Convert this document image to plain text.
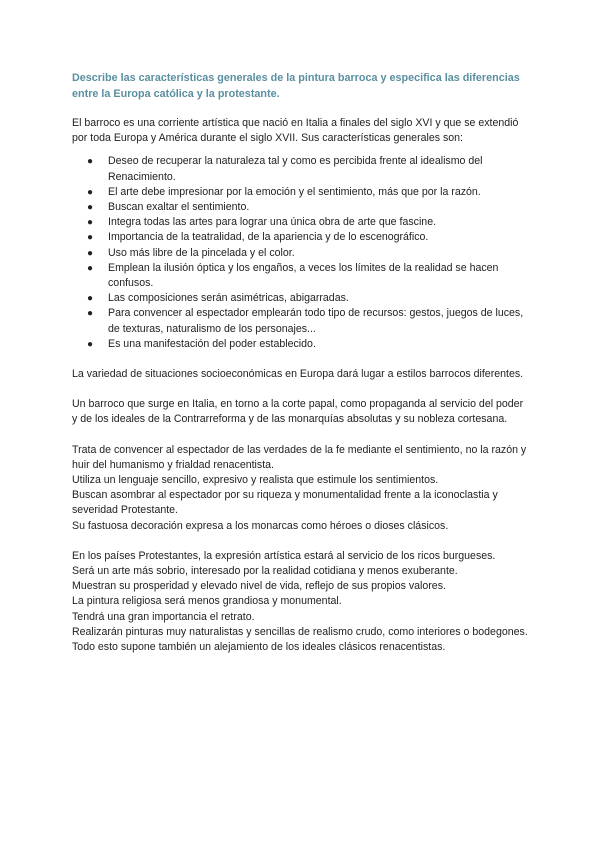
Describe las características generales de la pintura barroca y especifica las diferencias entre la Europa católica y la protestante.

El barroco es una corriente artística que nació en Italia a finales del siglo XVI y que se extendió por toda Europa y América durante el siglo XVII. Sus características generales son:

● Deseo de recuperar la naturaleza tal y como es percibida frente al idealismo del Renacimiento.
● El arte debe impresionar por la emoción y el sentimiento, más que por la razón.
● Buscan exaltar el sentimiento.
● Integra todas las artes para lograr una única obra de arte que fascine.
● Importancia de la teatralidad, de la apariencia y de lo escenográfico.
● Uso más libre de la pincelada y el color.
● Emplean la ilusión óptica y los engaños, a veces los límites de la realidad se hacen confusos.
● Las composiciones serán asimétricas, abigarradas.
● Para convencer al espectador emplearán todo tipo de recursos: gestos, juegos de luces, de texturas, naturalismo de los personajes...
● Es una manifestación del poder establecido.

La variedad de situaciones socioeconómicas en Europa dará lugar a estilos barrocos diferentes.

Un barroco que surge en Italia, en torno a la corte papal, como propaganda al servicio del poder y de los ideales de la Contrarreforma y de las monarquías absolutas y su nobleza cortesana.

Trata de convencer al espectador de las verdades de la fe mediante el sentimiento, no la razón y huir del humanismo y frialdad renacentista.

Utiliza un lenguaje sencillo, expresivo y realista que estimule los sentimientos.

Buscan asombrar al espectador por su riqueza y monumentalidad frente a la iconoclastia y severidad Protestante.

Su fastuosa decoración expresa a los monarcas como héroes o dioses clásicos.

En los países Protestantes, la expresión artística estará al servicio de los ricos burgueses.

Será un arte más sobrio, interesado por la realidad cotidiana y menos exuberante.

Muestran su prosperidad y elevado nivel de vida, reflejo de sus propios valores.

La pintura religiosa será menos grandiosa y monumental.

Tendrá una gran importancia el retrato.

Realizarán pinturas muy naturalistas y sencillas de realismo crudo, como interiores o bodegones.

Todo esto supone también un alejamiento de los ideales clásicos renacentistas.
